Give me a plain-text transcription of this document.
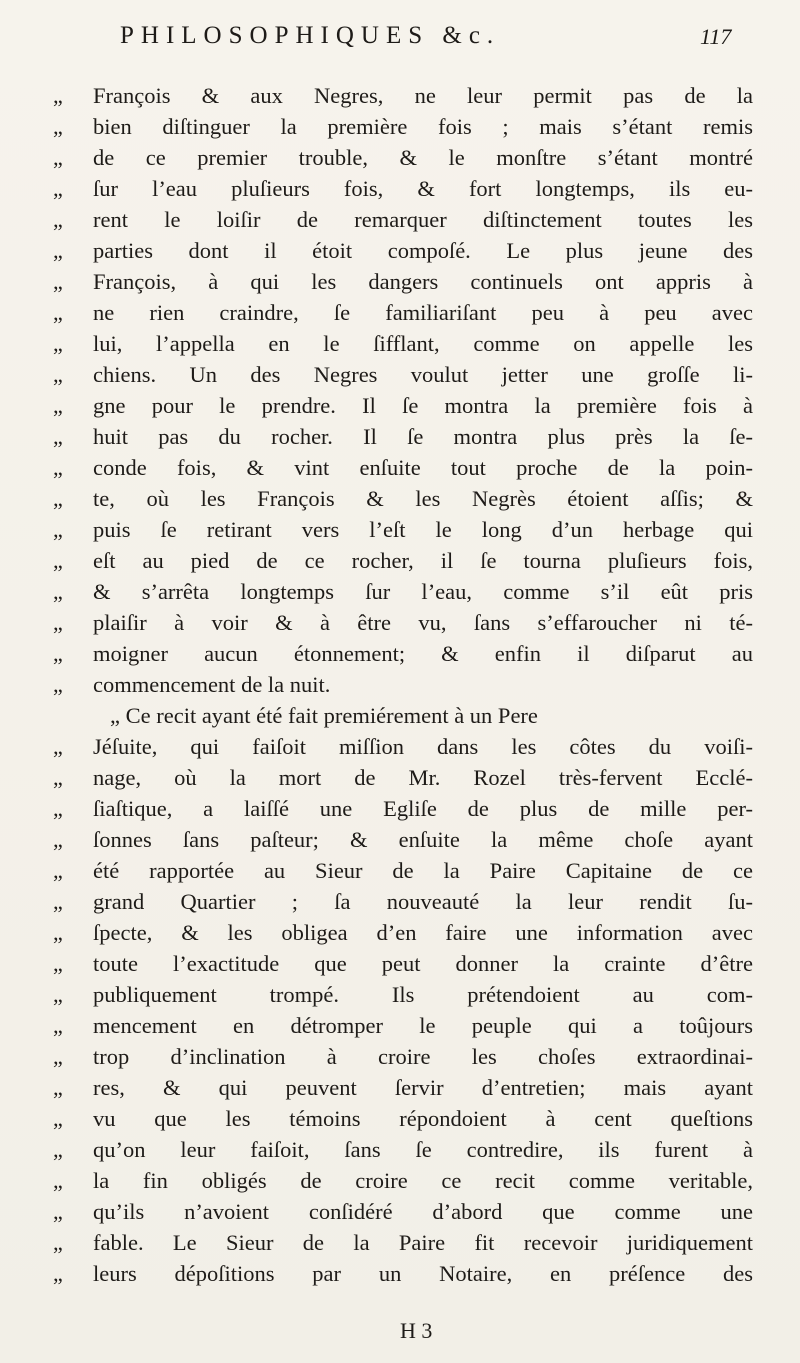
PHILOSOPHIQUES &c.	117
„	François & aux Negres, ne leur permit pas de la
„	bien diſtinguer la première fois ; mais s’étant remis
„	de ce premier trouble, & le monſtre s’étant montré
„	ſur l’eau pluſieurs fois, & fort longtemps, ils eu-
„	rent le loiſir de remarquer diſtinctement toutes les
„	parties dont il étoit compoſé. Le plus jeune des
„	François, à qui les dangers continuels ont appris à
„	ne rien craindre, ſe familiariſant peu à peu avec
„	lui, l’appella en le ſifflant, comme on appelle les
„	chiens. Un des Negres voulut jetter une groſſe li-
„	gne pour le prendre. Il ſe montra la première fois à
„	huit pas du rocher. Il ſe montra plus près la ſe-
„	conde fois, & vint enſuite tout proche de la poin-
„	te, où les François & les Negrès étoient aſſis; &
„	puis ſe retirant vers l’eſt le long d’un herbage qui
„	eſt au pied de ce rocher, il ſe tourna pluſieurs fois,
„	& s’arrêta longtemps ſur l’eau, comme s’il eût pris
„	plaiſir à voir & à être vu, ſans s’effaroucher ni té-
„	moigner aucun étonnement; & enfin il diſparut au
„	commencement de la nuit.
„ Ce recit ayant été fait premiérement à un Pere
„	Jéſuite, qui faiſoit miſſion dans les côtes du voiſi-
„	nage, où la mort de Mr. Rozel très-fervent Ecclé-
„	ſiaſtique, a laiſſé une Egliſe de plus de mille per-
„	ſonnes ſans paſteur; & enſuite la même choſe ayant
„	été rapportée au Sieur de la Paire Capitaine de ce
„	grand Quartier ; ſa nouveauté la leur rendit ſu-
„	ſpecte, & les obligea d’en faire une information avec
„	toute l’exactitude que peut donner la crainte d’être
„	publiquement trompé. Ils prétendoient au com-
„	mencement en détromper le peuple qui a toûjours
„	trop d’inclination à croire les choſes extraordinai-
„	res, & qui peuvent ſervir d’entretien; mais ayant
„	vu que les témoins répondoient à cent queſtions
„	qu’on leur faiſoit, ſans ſe contredire, ils furent à
„	la fin obligés de croire ce recit comme veritable,
„	qu’ils n’avoient conſidéré d’abord que comme une
„	fable. Le Sieur de la Paire fit recevoir juridiquement
„	leurs dépoſitions par un Notaire, en préſence des
H 3
